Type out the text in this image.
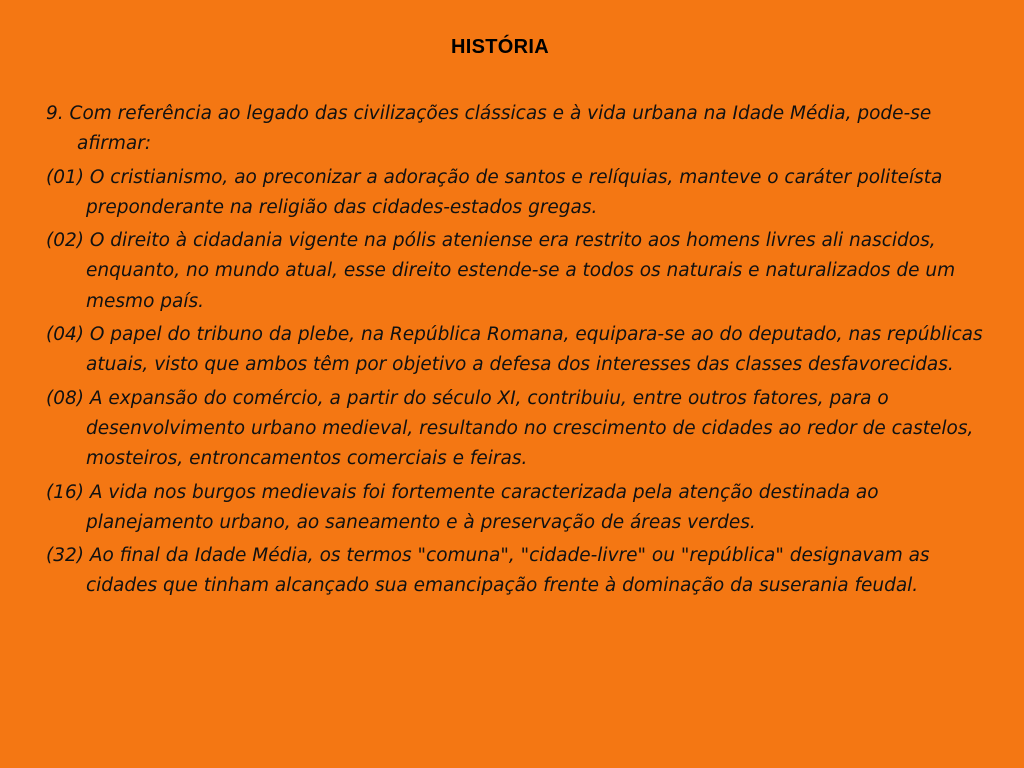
HISTÓRIA

9. Com referência ao legado das civilizações clássicas e à vida urbana na Idade Média, pode-se afirmar:

(01) O cristianismo, ao preconizar a adoração de santos e relíquias, manteve o caráter politeísta preponderante na religião das cidades-estados gregas.

(02) O direito à cidadania vigente na pólis ateniense era restrito aos homens livres ali nascidos, enquanto, no mundo atual, esse direito estende-se a todos os naturais e naturalizados de um mesmo país.

(04) O papel do tribuno da plebe, na República Romana, equipara-se ao do deputado, nas repúblicas atuais, visto que ambos têm por objetivo a defesa dos interesses das classes desfavorecidas.

(08) A expansão do comércio, a partir do século XI, contribuiu, entre outros fatores, para o desenvolvimento urbano medieval, resultando no crescimento de cidades ao redor de castelos, mosteiros, entroncamentos comerciais e feiras.

(16) A vida nos burgos medievais foi fortemente caracterizada pela atenção destinada ao planejamento urbano, ao saneamento e à preservação de áreas verdes.

(32) Ao final da Idade Média, os termos "comuna", "cidade-livre" ou "república" designavam as cidades que tinham alcançado sua emancipação frente à dominação da suserania feudal.
